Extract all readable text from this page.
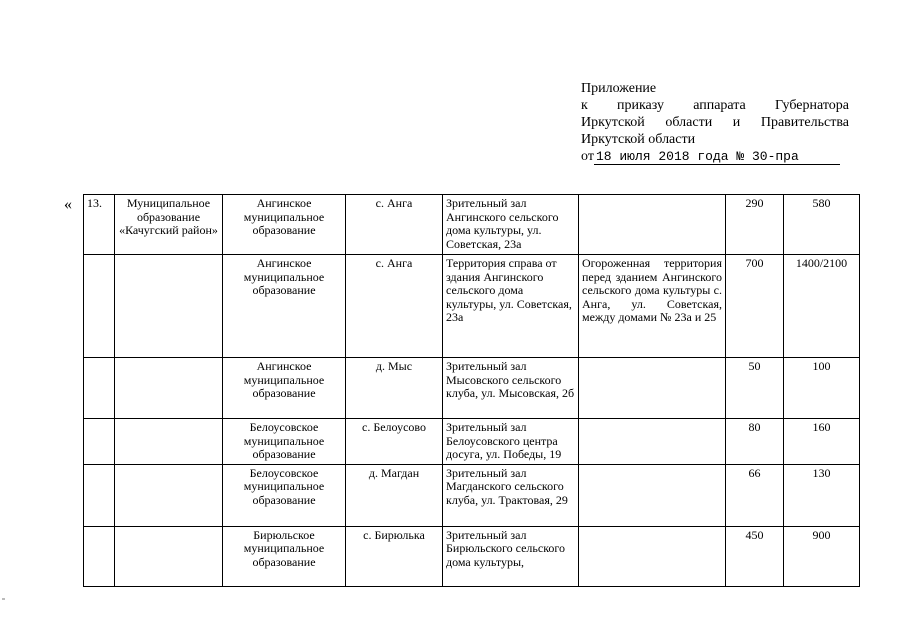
Приложение
к приказу аппарата Губернатора
Иркутской области и Правительства
Иркутской области
от 18 июля 2018 года № 30-пра
« 13.	Муниципальное образование «Качугский район»	Ангинское муниципальное образование	с. Анга	Зрительный зал Ангинского сельского дома культуры, ул. Советская, 23а		290	580
		Ангинское муниципальное образование	с. Анга	Территория справа от здания Ангинского сельского дома культуры, ул. Советская, 23а	Огороженная территория перед зданием Ангинского сельского дома культуры с. Анга, ул. Советская, между домами № 23а и 25	700	1400/2100
		Ангинское муниципальное образование	д. Мыс	Зрительный зал Мысовского сельского клуба, ул. Мысовская, 2б		50	100
		Белоусовское муниципальное образование	с. Белоусово	Зрительный зал Белоусовского центра досуга, ул. Победы, 19		80	160
		Белоусовское муниципальное образование	д. Магдан	Зрительный зал Магданского сельского клуба, ул. Трактовая, 29		66	130
		Бирюльское муниципальное образование	с. Бирюлька	Зрительный зал Бирюльского сельского дома культуры,		450	900
